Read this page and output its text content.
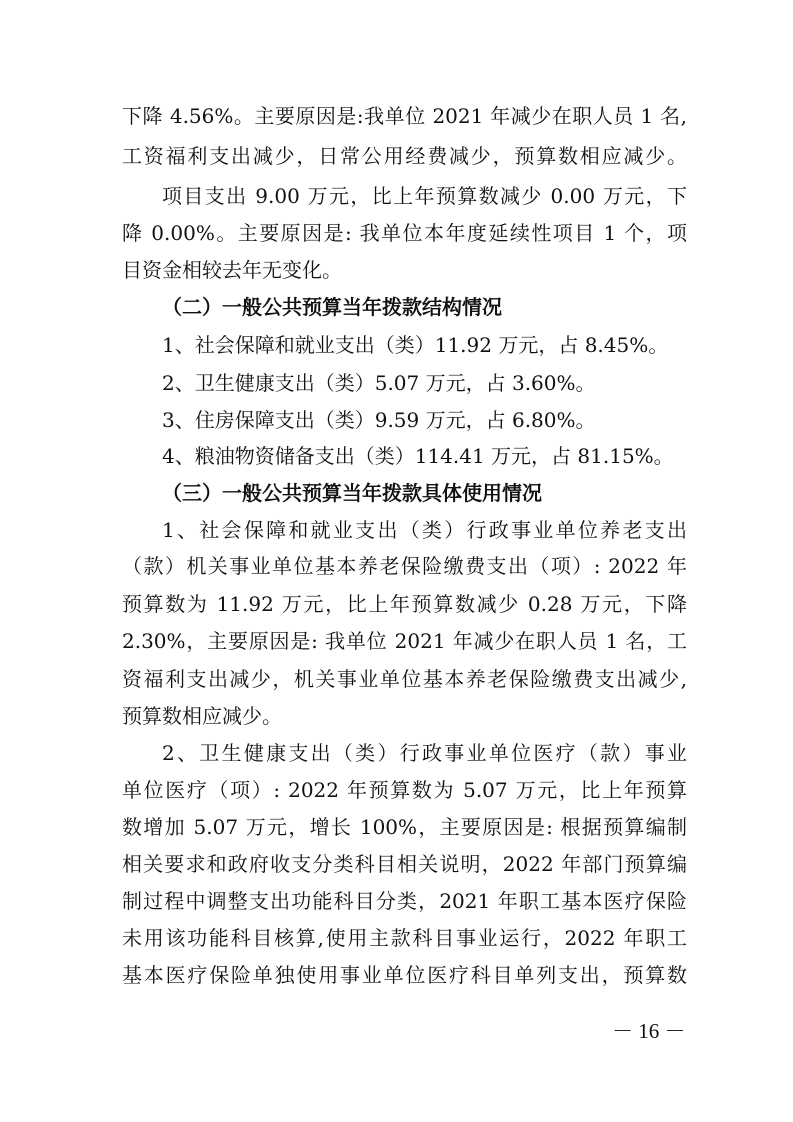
下降 4.56%。主要原因是:我单位 2021 年减少在职人员 1 名,
工资福利支出减少，日常公用经费减少，预算数相应减少。
项目支出 9.00 万元，比上年预算数减少 0.00 万元，下
降 0.00%。主要原因是: 我单位本年度延续性项目 1 个，项
目资金相较去年无变化。
（二）一般公共预算当年拨款结构情况
1、社会保障和就业支出（类）11.92 万元，占 8.45%。
2、卫生健康支出（类）5.07 万元，占 3.60%。
3、住房保障支出（类）9.59 万元，占 6.80%。
4、粮油物资储备支出（类）114.41 万元，占 81.15%。
（三）一般公共预算当年拨款具体使用情况
1、社会保障和就业支出（类）行政事业单位养老支出
（款）机关事业单位基本养老保险缴费支出（项）: 2022 年
预算数为 11.92 万元，比上年预算数减少 0.28 万元，下降
2.30%，主要原因是: 我单位 2021 年减少在职人员 1 名，工
资福利支出减少，机关事业单位基本养老保险缴费支出减少,
预算数相应减少。
2、卫生健康支出（类）行政事业单位医疗（款）事业
单位医疗（项）: 2022 年预算数为 5.07 万元，比上年预算
数增加 5.07 万元，增长 100%，主要原因是: 根据预算编制
相关要求和政府收支分类科目相关说明，2022 年部门预算编
制过程中调整支出功能科目分类，2021 年职工基本医疗保险
未用该功能科目核算,使用主款科目事业运行，2022 年职工
基本医疗保险单独使用事业单位医疗科目单列支出，预算数
－ 16 －
